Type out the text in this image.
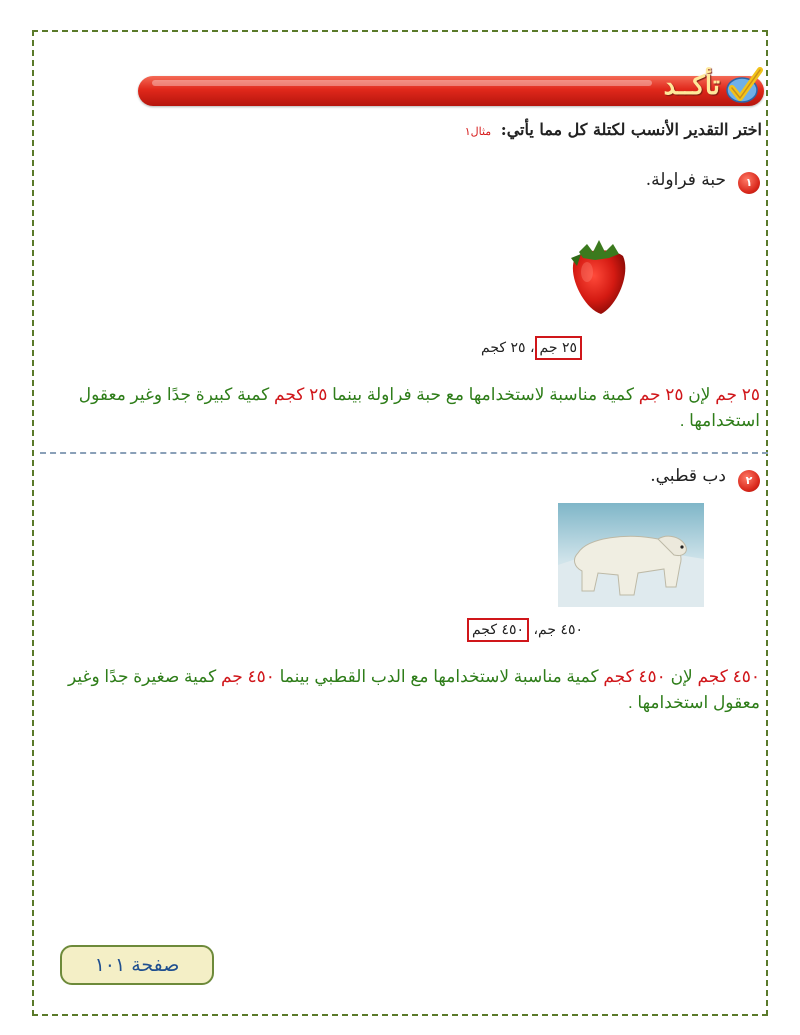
تأكــد
اختر التقدير الأنسب لكتلة كل مما يأتي: مثال١
١
حبة فراولة.
٢٥ جم، ٢٥ كجم
٢٥ جم لإن ٢٥ جم كمية مناسبة لاستخدامها مع حبة فراولة بينما ٢٥ كجم كمية كبيرة جدًا وغير معقول استخدامها .
٢
دب قطبي.
٤٥٠ جم، ٤٥٠ كجم
٤٥٠ كجم لإن ٤٥٠ كجم كمية مناسبة لاستخدامها مع الدب القطبي بينما ٤٥٠ جم كمية صغيرة جدًا وغير معقول استخدامها .
صفحة ١٠١
